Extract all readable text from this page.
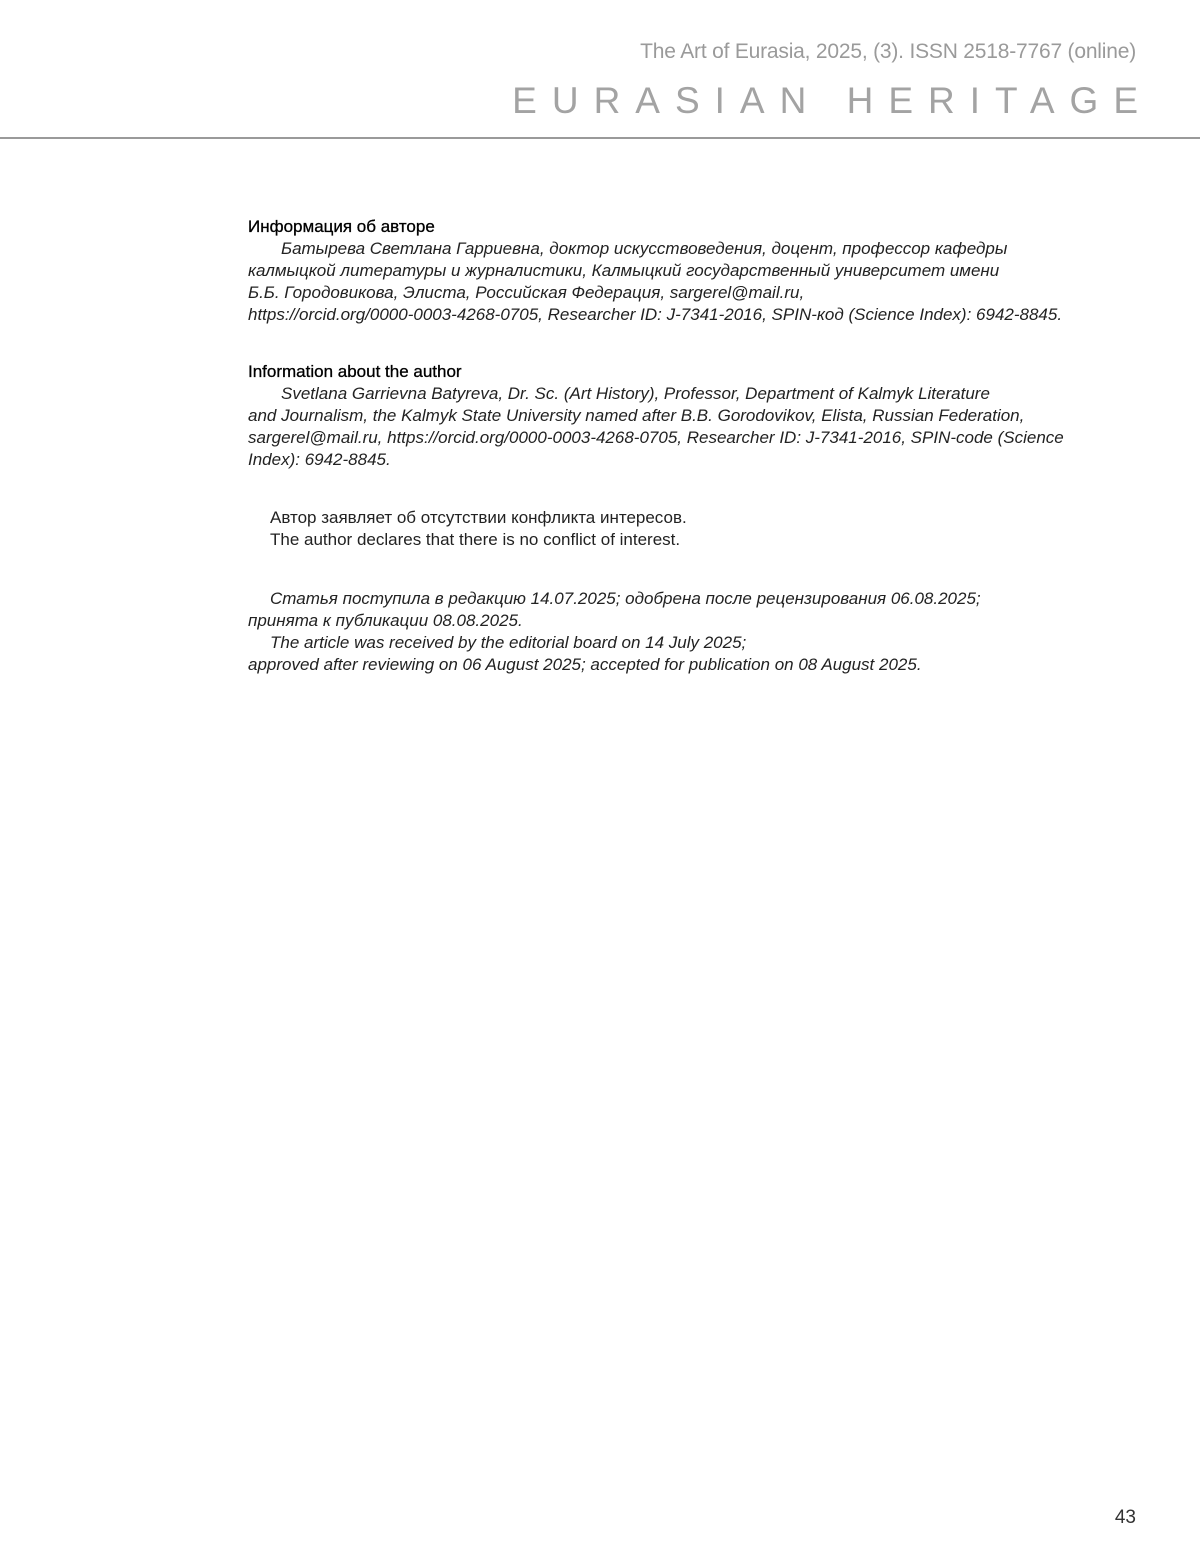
The Art of Eurasia, 2025, (3). ISSN 2518-7767 (online)
EURASIAN HERITAGE

Информация об авторе

Батырева Светлана Гарриевна, доктор искусствоведения, доцент, профессор кафедры
калмыцкой литературы и журналистики, Калмыцкий государственный университет имени
Б.Б. Городовикова, Элиста, Российская Федерация, sargerel@mail.ru,
https://orcid.org/0000-0003-4268-0705, Researcher ID: J-7341-2016, SPIN-код (Science Index): 6942-8845.

Information about the author

Svetlana Garrievna Batyreva, Dr. Sc. (Art History), Professor, Department of Kalmyk Literature
and Journalism, the Kalmyk State University named after B.B. Gorodovikov, Elista, Russian Federation,
sargerel@mail.ru, https://orcid.org/0000-0003-4268-0705, Researcher ID: J-7341-2016, SPIN-code (Science
Index): 6942-8845.

Автор заявляет об отсутствии конфликта интересов.

The author declares that there is no conflict of interest.

Статья поступила в редакцию 14.07.2025; одобрена после рецензирования 06.08.2025;

принята к публикации 08.08.2025.

The article was received by the editorial board on 14 July 2025;

approved after reviewing on 06 August 2025; accepted for publication on 08 August 2025.

43
